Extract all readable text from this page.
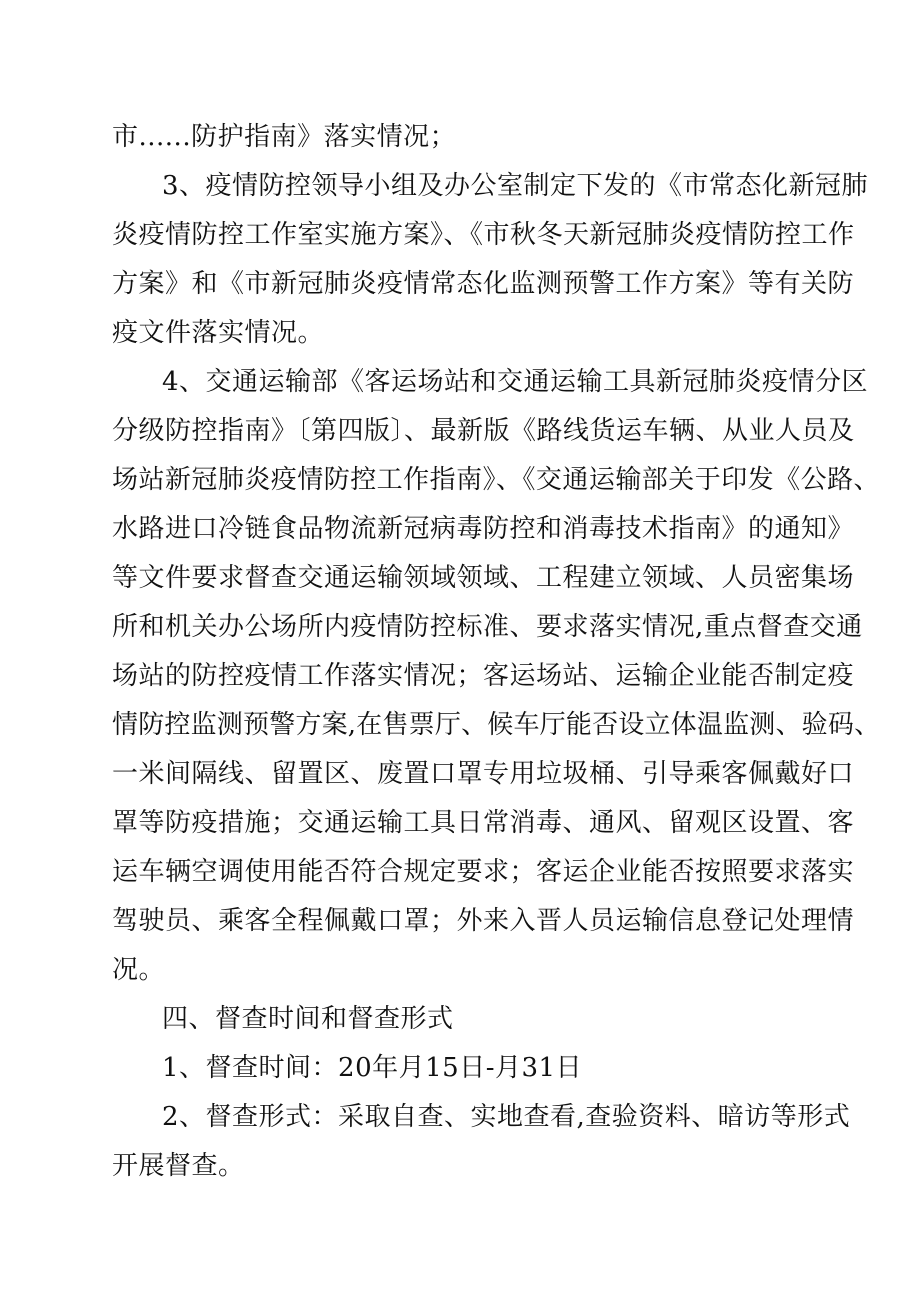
市......防护指南》落实情况；
3、疫情防控领导小组及办公室制定下发的《市常态化新冠肺
炎疫情防控工作室实施方案》、《市秋冬天新冠肺炎疫情防控工作
方案》和《市新冠肺炎疫情常态化监测预警工作方案》等有关防
疫文件落实情况。
4、交通运输部《客运场站和交通运输工具新冠肺炎疫情分区
分级防控指南》〔第四版〕、最新版《路线货运车辆、从业人员及
场站新冠肺炎疫情防控工作指南》、《交通运输部关于印发《公路、
水路进口冷链食品物流新冠病毒防控和消毒技术指南》的通知》
等文件要求督查交通运输领域领域、工程建立领域、人员密集场
所和机关办公场所内疫情防控标准、要求落实情况,重点督查交通
场站的防控疫情工作落实情况；客运场站、运输企业能否制定疫
情防控监测预警方案,在售票厅、候车厅能否设立体温监测、验码、
一米间隔线、留置区、废置口罩专用垃圾桶、引导乘客佩戴好口
罩等防疫措施；交通运输工具日常消毒、通风、留观区设置、客
运车辆空调使用能否符合规定要求；客运企业能否按照要求落实
驾驶员、乘客全程佩戴口罩；外来入晋人员运输信息登记处理情
况。
四、督查时间和督查形式
1、督查时间：20年月15日-月31日
2、督查形式：采取自查、实地查看,查验资料、暗访等形式
开展督查。
